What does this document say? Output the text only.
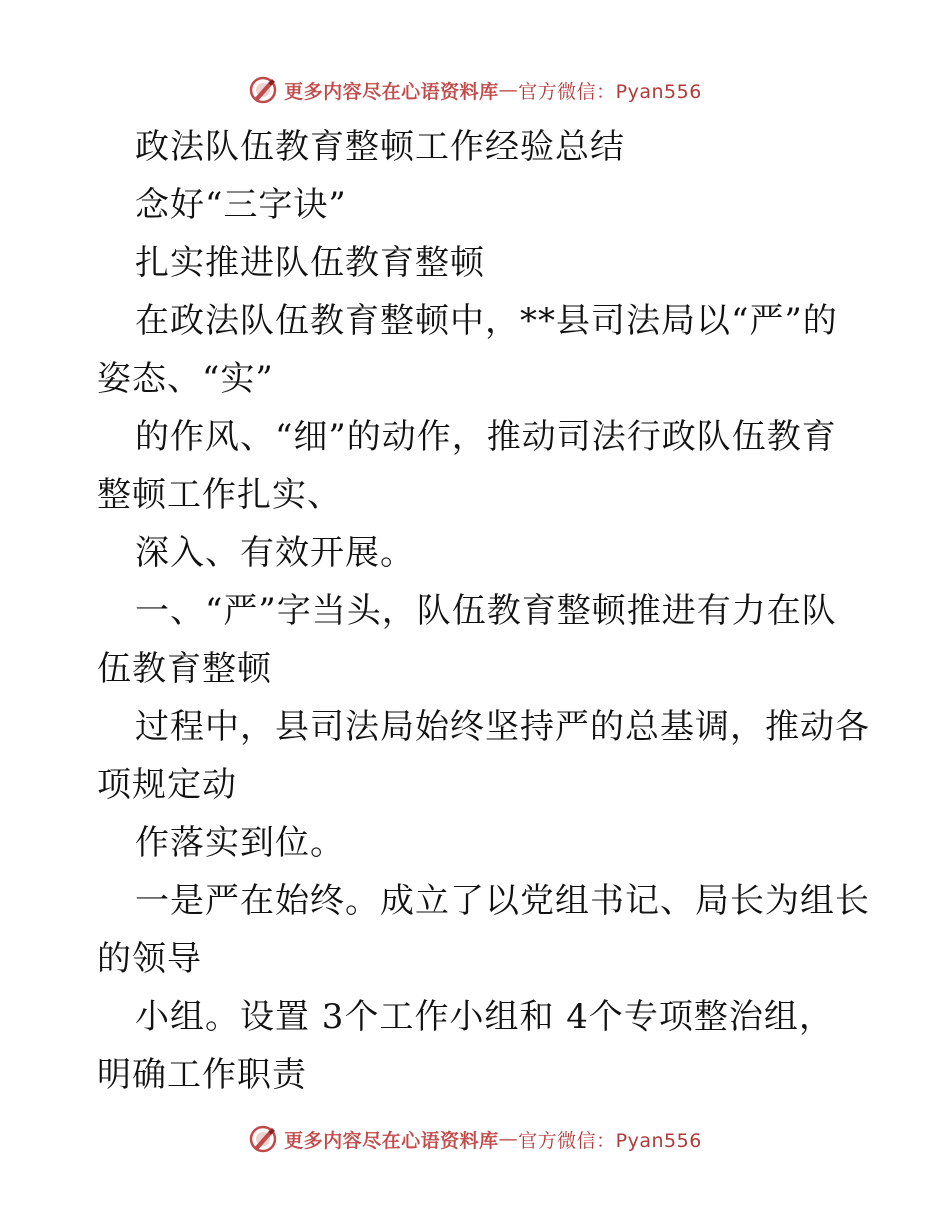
更多内容尽在心语资料库 — 官方微信：Pyan556
政法队伍教育整顿工作经验总结
念好“三字诀”
扎实推进队伍教育整顿
在政法队伍教育整顿中，**县司法局以“严”的
姿态、“实”
的作风、“细”的动作，推动司法行政队伍教育
整顿工作扎实、
深入、有效开展。
一、“严”字当头，队伍教育整顿推进有力在队
伍教育整顿
过程中，县司法局始终坚持严的总基调，推动各
项规定动
作落实到位。
一是严在始终。成立了以党组书记、局长为组长
的领导
小组。设置 3个工作小组和 4个专项整治组，
明确工作职责
更多内容尽在心语资料库 — 官方微信：Pyan556
